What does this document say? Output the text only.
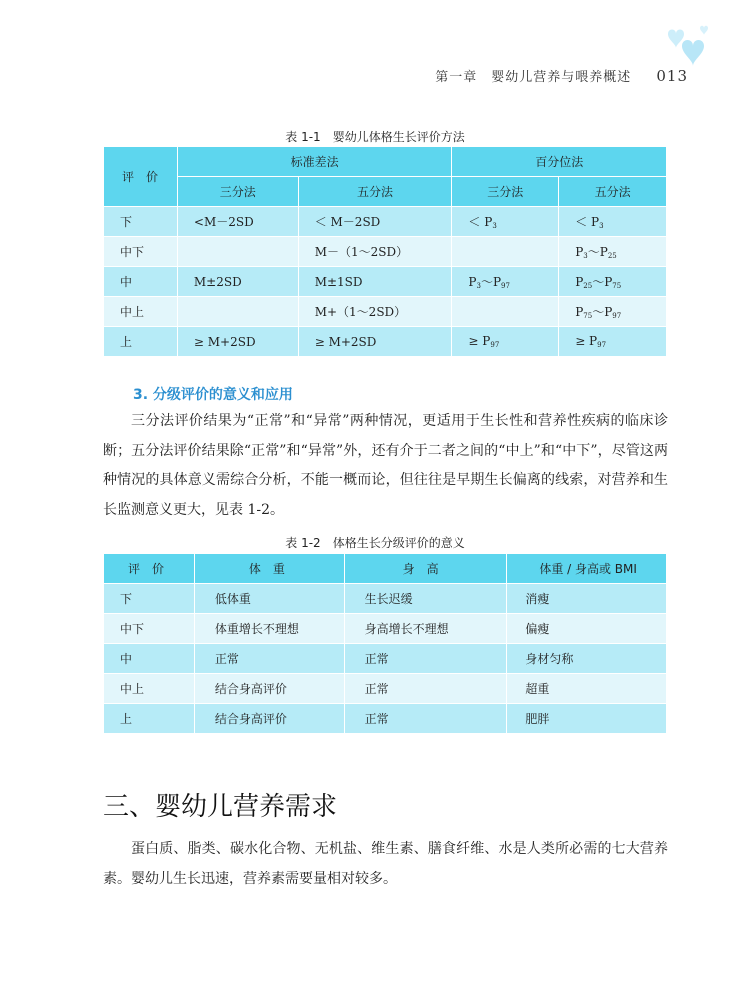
第一章　婴幼儿营养与喂养概述 013
表 1-1　婴幼儿体格生长评价方法
评　价	标准差法		百分位法	
	三分法	五分法	三分法	五分法
下	<M－2SD	＜ M－2SD	＜ $P_3$	＜ $P_3$
中下		M－（1～2SD）		$P_3\sim P_{25}$
中	M±2SD	M±1SD	$P_3\sim P_{97}$	$P_{25}\sim P_{75}$
中上		M+（1～2SD）		$P_{75}\sim P_{97}$
上	≥ M+2SD	≥ M+2SD	≥ $P_{97}$	≥ $P_{97}$
3. 分级评价的意义和应用
三分法评价结果为“正常”和“异常”两种情况，更适用于生长性和营养性疾病的临床诊断；五分法评价结果除“正常”和“异常”外，还有介于二者之间的“中上”和“中下”，尽管这两种情况的具体意义需综合分析，不能一概而论，但往往是早期生长偏离的线索，对营养和生长监测意义更大，见表 1-2。
表 1-2　体格生长分级评价的意义
评　价	体　重	身　高	体重 / 身高或 BMI
下	低体重	生长迟缓	消瘦
中下	体重增长不理想	身高增长不理想	偏瘦
中	正常	正常	身材匀称
中上	结合身高评价	正常	超重
上	结合身高评价	正常	肥胖
三、婴幼儿营养需求
蛋白质、脂类、碳水化合物、无机盐、维生素、膳食纤维、水是人类所必需的七大营养素。婴幼儿生长迅速，营养素需要量相对较多。
